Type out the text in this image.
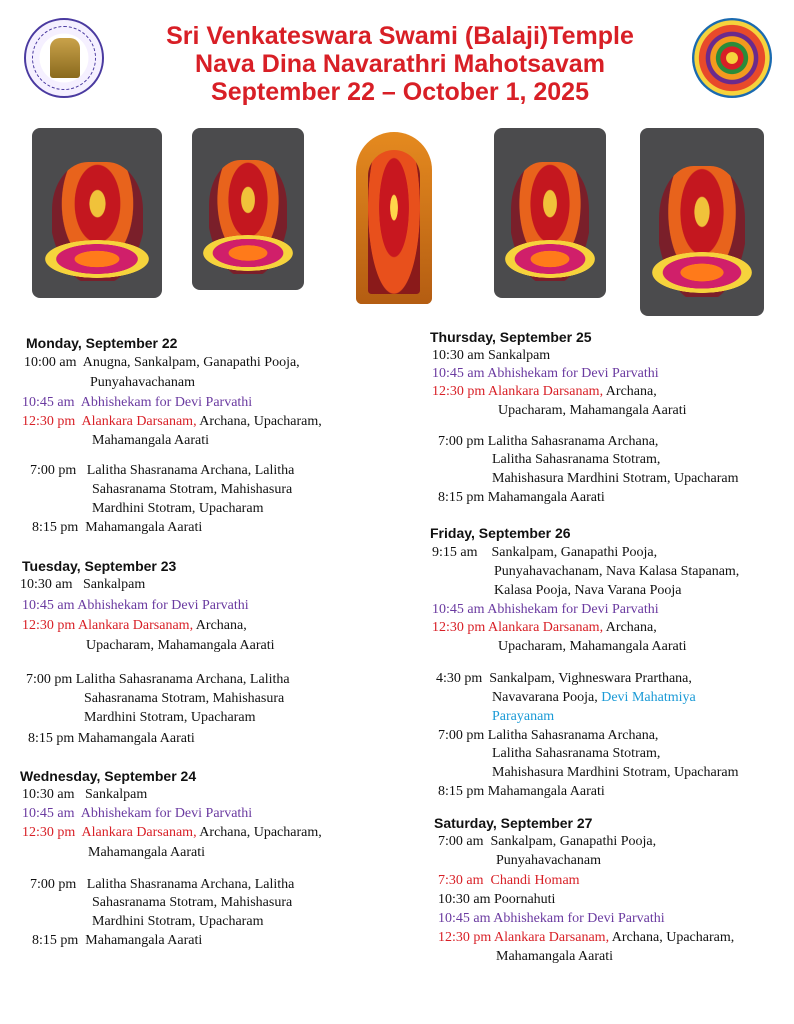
Sri Venkateswara Swami (Balaji)Temple
Nava Dina Navarathri Mahotsavam
September 22 – October 1, 2025
Monday, September 22
10:00 am Anugna, Sankalpam, Ganapathi Pooja,
Punyahavachanam
10:45 am Abhishekam for Devi Parvathi
12:30 pm Alankara Darsanam, Archana, Upacharam,
Mahamangala Aarati
7:00 pm Lalitha Shasranama Archana, Lalitha
Sahasranama Stotram, Mahishasura
Mardhini Stotram, Upacharam
8:15 pm Mahamangala Aarati
Tuesday, September 23
10:30 am Sankalpam
10:45 am Abhishekam for Devi Parvathi
12:30 pm Alankara Darsanam, Archana,
Upacharam, Mahamangala Aarati
7:00 pm Lalitha Sahasranama Archana, Lalitha
Sahasranama Stotram, Mahishasura
Mardhini Stotram, Upacharam
8:15 pm Mahamangala Aarati
Wednesday, September 24
10:30 am Sankalpam
10:45 am Abhishekam for Devi Parvathi
12:30 pm Alankara Darsanam, Archana, Upacharam,
Mahamangala Aarati
7:00 pm Lalitha Shasranama Archana, Lalitha
Sahasranama Stotram, Mahishasura
Mardhini Stotram, Upacharam
8:15 pm Mahamangala Aarati
Thursday, September 25
10:30 am Sankalpam
10:45 am Abhishekam for Devi Parvathi
12:30 pm Alankara Darsanam, Archana,
Upacharam, Mahamangala Aarati
7:00 pm Lalitha Sahasranama Archana,
Lalitha Sahasranama Stotram,
Mahishasura Mardhini Stotram, Upacharam
8:15 pm Mahamangala Aarati
Friday, September 26
9:15 am Sankalpam, Ganapathi Pooja,
Punyahavachanam, Nava Kalasa Stapanam,
Kalasa Pooja, Nava Varana Pooja
10:45 am Abhishekam for Devi Parvathi
12:30 pm Alankara Darsanam, Archana,
Upacharam, Mahamangala Aarati
4:30 pm Sankalpam, Vighneswara Prarthana,
Navavarana Pooja, Devi Mahatmiya
Parayanam
7:00 pm Lalitha Sahasranama Archana,
Lalitha Sahasranama Stotram,
Mahishasura Mardhini Stotram, Upacharam
8:15 pm Mahamangala Aarati
Saturday, September 27
7:00 am Sankalpam, Ganapathi Pooja,
Punyahavachanam
7:30 am Chandi Homam
10:30 am Poornahuti
10:45 am Abhishekam for Devi Parvathi
12:30 pm Alankara Darsanam, Archana, Upacharam,
Mahamangala Aarati
